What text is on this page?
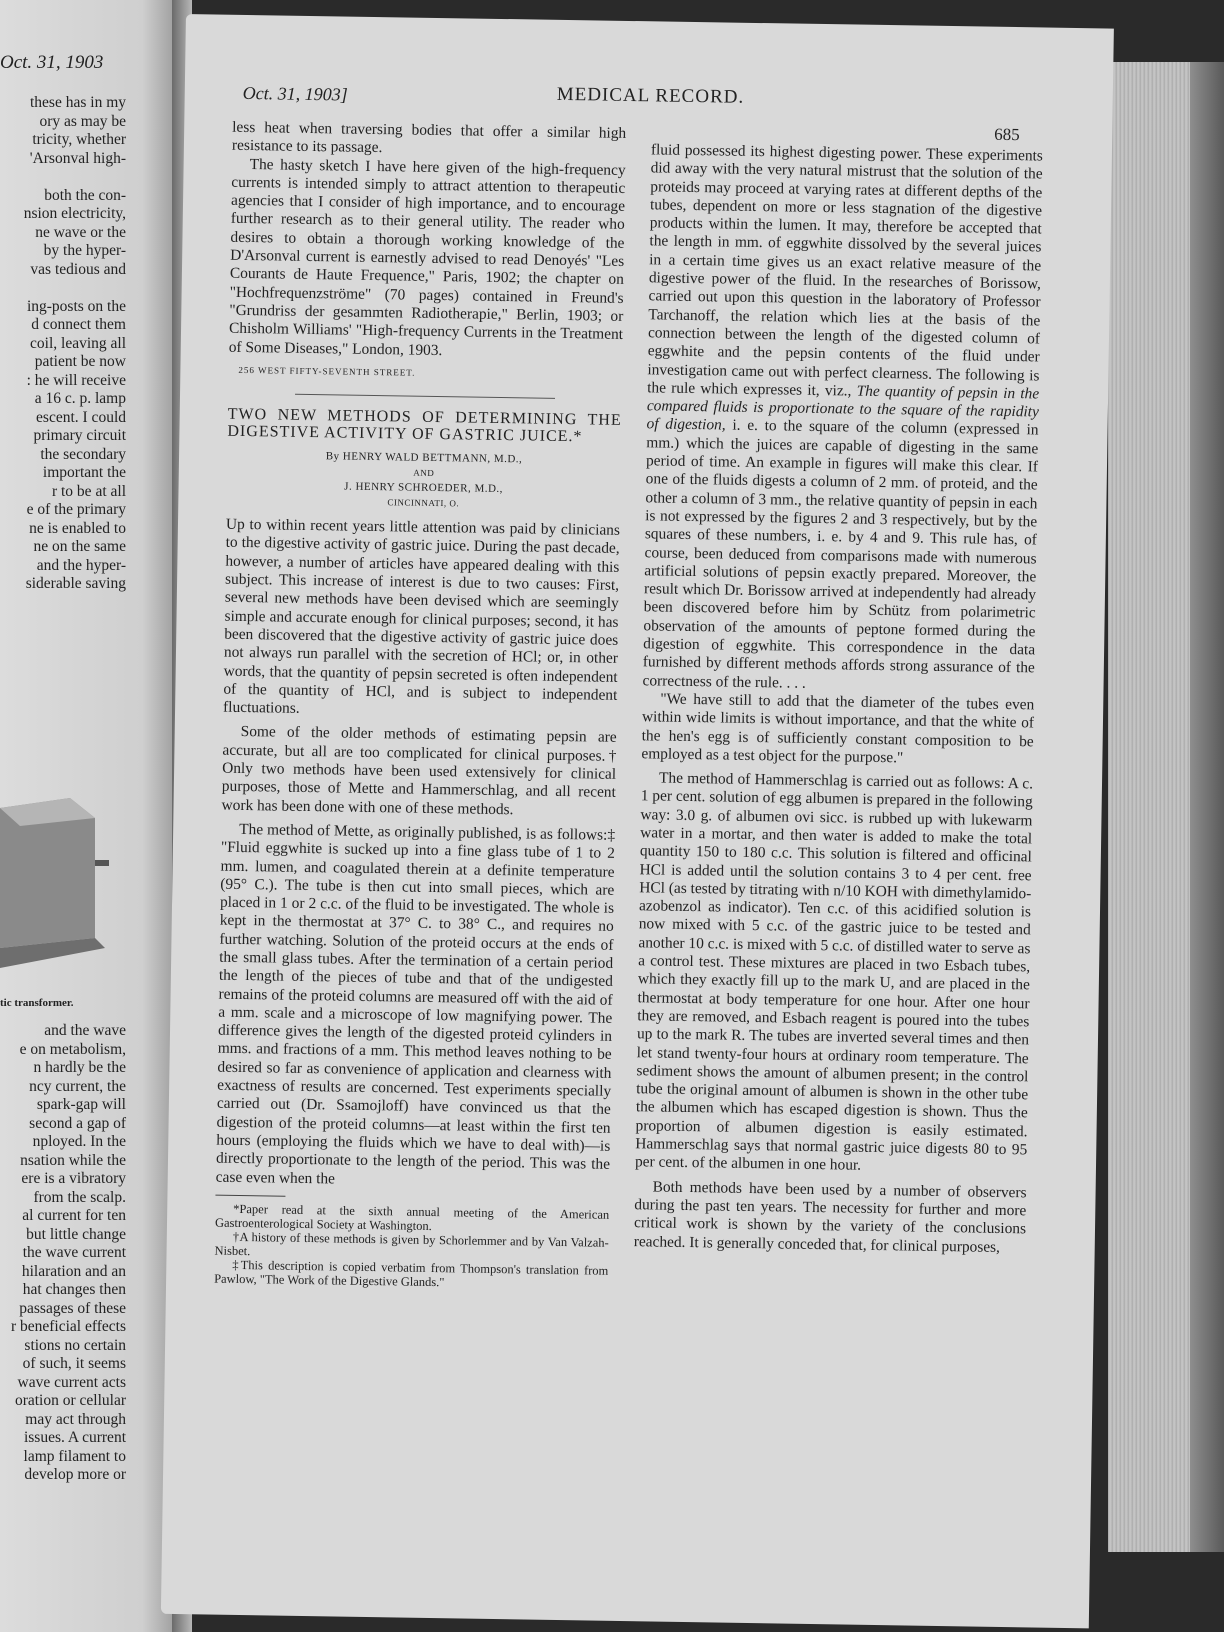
Oct. 31, 1903
these has in my
ory as may be
tricity, whether
'Arsonval high-

both the con-
nsion electricity,
ne wave or the
by the hyper-
vas tedious and

ing-posts on the
d connect them
coil, leaving all
patient be now
: he will receive
a 16 c. p. lamp
escent. I could
primary circuit
the secondary
important the
r to be at all
e of the primary
ne is enabled to
ne on the same
and the hyper-
siderable saving
tic transformer.
and the wave
e on metabolism,
n hardly be the
ncy current, the
spark-gap will
second a gap of
nployed. In the
nsation while the
ere is a vibratory
from the scalp.
al current for ten
but little change
the wave current
hilaration and an
hat changes then
passages of these
r beneficial effects
stions no certain
of such, it seems
wave current acts
oration or cellular
may act through
issues. A current
lamp filament to
develop more or
Oct. 31, 1903]	MEDICAL RECORD.
685

less heat when traversing bodies that offer a similar high resistance to its passage.

The hasty sketch I have here given of the high-frequency currents is intended simply to attract attention to therapeutic agencies that I consider of high importance, and to encourage further research as to their general utility. The reader who desires to obtain a thorough working knowledge of the D'Arsonval current is earnestly advised to read Denoyés' "Les Courants de Haute Frequence," Paris, 1902; the chapter on "Hochfrequenzströme" (70 pages) contained in Freund's "Grundriss der gesammten Radiotherapie," Berlin, 1903; or Chisholm Williams' "High-frequency Currents in the Treatment of Some Diseases," London, 1903.

256 WEST FIFTY-SEVENTH STREET.
TWO NEW METHODS OF DETERMINING THE DIGESTIVE ACTIVITY OF GASTRIC JUICE.*
By HENRY WALD BETTMANN, M.D.,
AND
J. HENRY SCHROEDER, M.D.,
CINCINNATI, O.

Up to within recent years little attention was paid by clinicians to the digestive activity of gastric juice. During the past decade, however, a number of articles have appeared dealing with this subject. This increase of interest is due to two causes: First, several new methods have been devised which are seemingly simple and accurate enough for clinical purposes; second, it has been discovered that the digestive activity of gastric juice does not always run parallel with the secretion of HCl; or, in other words, that the quantity of pepsin secreted is often independent of the quantity of HCl, and is subject to independent fluctuations.

Some of the older methods of estimating pepsin are accurate, but all are too complicated for clinical purposes.† Only two methods have been used extensively for clinical purposes, those of Mette and Hammerschlag, and all recent work has been done with one of these methods.

The method of Mette, as originally published, is as follows:‡ "Fluid eggwhite is sucked up into a fine glass tube of 1 to 2 mm. lumen, and coagulated therein at a definite temperature (95° C.). The tube is then cut into small pieces, which are placed in 1 or 2 c.c. of the fluid to be investigated. The whole is kept in the thermostat at 37° C. to 38° C., and requires no further watching. Solution of the proteid occurs at the ends of the small glass tubes. After the termination of a certain period the length of the pieces of tube and that of the undigested remains of the proteid columns are measured off with the aid of a mm. scale and a microscope of low magnifying power. The difference gives the length of the digested proteid cylinders in mms. and fractions of a mm. This method leaves nothing to be desired so far as convenience of application and clearness with exactness of results are concerned. Test experiments specially carried out (Dr. Ssamojloff) have convinced us that the digestion of the proteid columns—at least within the first ten hours (employing the fluids which we have to deal with)—is directly proportionate to the length of the period. This was the case even when the

*Paper read at the sixth annual meeting of the American Gastroenterological Society at Washington.

†A history of these methods is given by Schorlemmer and by Van Valzah-Nisbet.

‡This description is copied verbatim from Thompson's translation from Pawlow, "The Work of the Digestive Glands."

fluid possessed its highest digesting power. These experiments did away with the very natural mistrust that the solution of the proteids may proceed at varying rates at different depths of the tubes, dependent on more or less stagnation of the digestive products within the lumen. It may, therefore be accepted that the length in mm. of eggwhite dissolved by the several juices in a certain time gives us an exact relative measure of the digestive power of the fluid. In the researches of Borissow, carried out upon this question in the laboratory of Professor Tarchanoff, the relation which lies at the basis of the connection between the length of the digested column of eggwhite and the pepsin contents of the fluid under investigation came out with perfect clearness. The following is the rule which expresses it, viz., The quantity of pepsin in the compared fluids is proportionate to the square of the rapidity of digestion, i. e. to the square of the column (expressed in mm.) which the juices are capable of digesting in the same period of time. An example in figures will make this clear. If one of the fluids digests a column of 2 mm. of proteid, and the other a column of 3 mm., the relative quantity of pepsin in each is not expressed by the figures 2 and 3 respectively, but by the squares of these numbers, i. e. by 4 and 9. This rule has, of course, been deduced from comparisons made with numerous artificial solutions of pepsin exactly prepared. Moreover, the result which Dr. Borissow arrived at independently had already been discovered before him by Schütz from polarimetric observation of the amounts of peptone formed during the digestion of eggwhite. This correspondence in the data furnished by different methods affords strong assurance of the correctness of the rule. . . .

"We have still to add that the diameter of the tubes even within wide limits is without importance, and that the white of the hen's egg is of sufficiently constant composition to be employed as a test object for the purpose."

The method of Hammerschlag is carried out as follows: A c. 1 per cent. solution of egg albumen is prepared in the following way: 3.0 g. of albumen ovi sicc. is rubbed up with lukewarm water in a mortar, and then water is added to make the total quantity 150 to 180 c.c. This solution is filtered and officinal HCl is added until the solution contains 3 to 4 per cent. free HCl (as tested by titrating with n/10 KOH with dimethylamido-azobenzol as indicator). Ten c.c. of this acidified solution is now mixed with 5 c.c. of the gastric juice to be tested and another 10 c.c. is mixed with 5 c.c. of distilled water to serve as a control test. These mixtures are placed in two Esbach tubes, which they exactly fill up to the mark U, and are placed in the thermostat at body temperature for one hour. After one hour they are removed, and Esbach reagent is poured into the tubes up to the mark R. The tubes are inverted several times and then let stand twenty-four hours at ordinary room temperature. The sediment shows the amount of albumen present; in the control tube the original amount of albumen is shown in the other tube the albumen which has escaped digestion is shown. Thus the proportion of albumen digestion is easily estimated. Hammerschlag says that normal gastric juice digests 80 to 95 per cent. of the albumen in one hour.

Both methods have been used by a number of observers during the past ten years. The necessity for further and more critical work is shown by the variety of the conclusions reached. It is generally conceded that, for clinical purposes,
